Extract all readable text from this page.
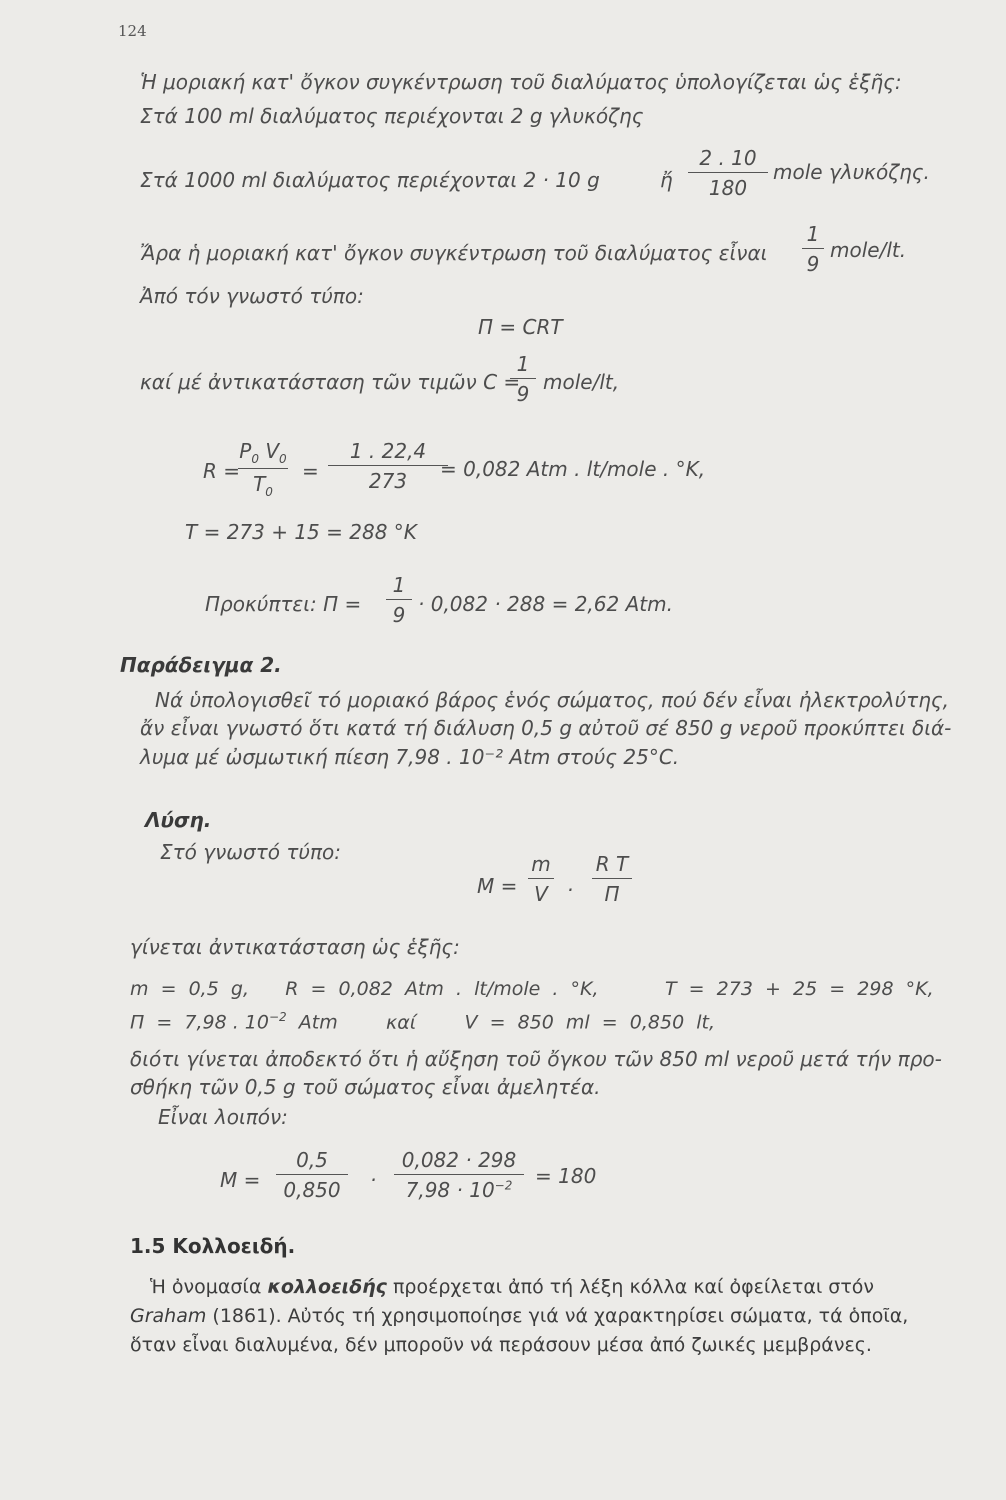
124
Ἡ μοριακή κατ' ὄγκον συγκέντρωση τοῦ διαλύματος ὑπολογίζεται ὡς ἑξῆς:
Στά 100 ml διαλύματος περιέχονται 2 g γλυκόζης
Στά 1000 ml διαλύματος περιέχονται 2 · 10 g	ἤ
2 . 10
180
mole γλυκόζης.
Ἄρα ἡ μοριακή κατ' ὄγκον συγκέντρωση τοῦ διαλύματος εἶναι
1
9
mole/lt.
Ἀπό τόν γνωστό τύπο:
Π = CRT
καί μέ ἀντικατάσταση τῶν τιμῶν C =
1
9 mole/lt,
R =
$P_0$ $V_0$
$T_0$
=
1 . 22,4
273	= 0,082 Atm . lt/mole . °K,
T = 273 + 15 = 288 °K
Προκύπτει: Π =
1
9 · 0,082 · 288 = 2,62 Atm.
Παράδειγμα 2.
Νά ὑπολογισθεῖ τό μοριακό βάρος ἑνός σώματος, πού δέν εἶναι ἠλεκτρολύτης,
ἄν εἶναι γνωστό ὅτι κατά τή διάλυση 0,5 g αὐτοῦ σέ 850 g νεροῦ προκύπτει διά-
λυμα μέ ὠσμωτική πίεση 7,98 . 10⁻² Atm στούς 25°C.
Λύση.
Στό γνωστό τύπο:
M =
m
V	.
R T
Π
γίνεται ἀντικατάσταση ὡς ἑξῆς:
m  =  0,5  g,      R  =  0,082  Atm  .  lt/mole  .  °K,           T  =  273  +  25  =  298  °K,
Π  =  7,98 . $10^{-2}$  Atm        καί        V  =  850  ml  =  0,850  lt,
διότι γίνεται ἀποδεκτό ὅτι ἡ αὔξηση τοῦ ὄγκου τῶν 850 ml νεροῦ μετά τήν προ-
σθήκη τῶν 0,5 g τοῦ σώματος εἶναι ἀμελητέα.
Εἶναι λοιπόν:
M =
0,5
0,850	·
0,082 · 298
$7,98 \cdot 10^{-2}$	= 180
1.5 Κολλοειδή.
Ἡ ὀνομασία κολλοειδής προέρχεται ἀπό τή λέξη κόλλα καί ὀφείλεται στόν
Graham (1861). Αὐτός τή χρησιμοποίησε γιά νά χαρακτηρίσει σώματα, τά ὁποῖα,
ὅταν εἶναι διαλυμένα, δέν μποροῦν νά περάσουν μέσα ἀπό ζωικές μεμβράνες.
